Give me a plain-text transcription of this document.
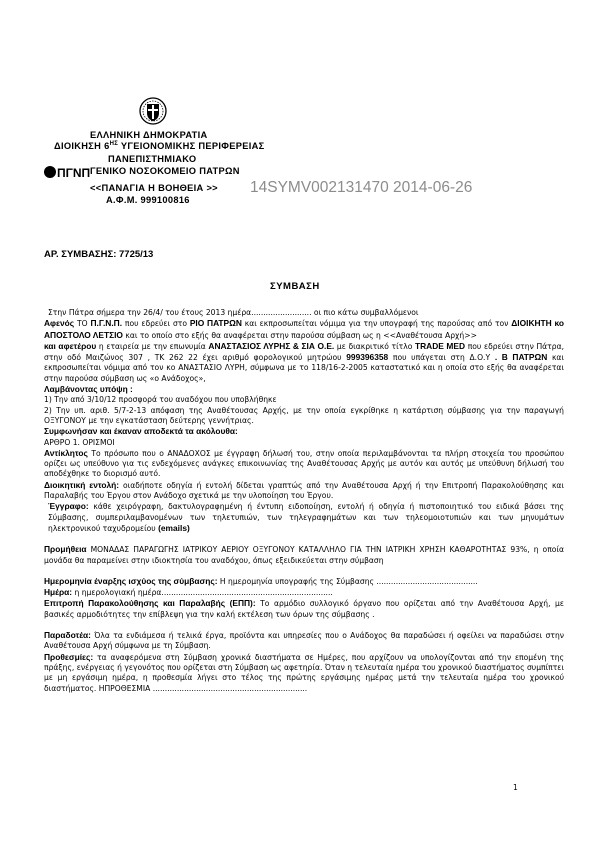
ΕΛΛΗΝΙΚΗ ΔΗΜΟΚΡΑΤΙΑ
ΔΙΟΙΚΗΣΗ $6^{H\Sigma}$ ΥΓΕΙΟΝΟΜΙΚΗΣ ΠΕΡΙΦΕΡΕΙΑΣ
ΠΑΝΕΠΙΣΤΗΜΙΑΚΟ
ΠΓΝΠ ΓΕΝΙΚΟ ΝΟΣΟΚΟΜΕΙΟ ΠΑΤΡΩΝ
<<ΠΑΝΑΓΙΑ Η ΒΟΗΘΕΙΑ >>
Α.Φ.Μ. 999100816
14SYMV002131470 2014-06-26
ΑΡ. ΣΥΜΒΑΣΗΣ: 7725/13
ΣΥΜΒΑΣΗ
Στην Πάτρα σήμερα την 26/4/ του έτους 2013 ημέρα......................... οι πιο κάτω συμβαλλόμενοι
Αφενός ΤΟ Π.Γ.Ν.Π. που εδρεύει στο ΡΙΟ ΠΑΤΡΩΝ και εκπροσωπείται νόμιμα για την υπογραφή της παρούσας από τον ΔΙΟΙΚΗΤΗ κο ΑΠΟΣΤΟΛΟ ΛΕΤΣΙΟ και το οποίο στο εξής θα αναφέρεται στην παρούσα σύμβαση ως η <<Αναθέτουσα Αρχή>>
και αφετέρου η εταιρεία με την επωνυμία ΑΝΑΣΤΑΣΙΟΣ ΛΥΡΗΣ & ΣΙΑ Ο.Ε. με διακριτικό τίτλο TRADE MED που εδρεύει στην Πάτρα, στην οδό Μαιζώνος 307 , ΤΚ 262 22 έχει αριθμό φορολογικού μητρώου 999396358 που υπάγεται στη Δ.Ο.Υ . Β ΠΑΤΡΩΝ και εκπροσωπείται νόμιμα από τον κο ΑΝΑΣΤΑΣΙΟ ΛΥΡΗ, σύμφωνα με το 118/16-2-2005 καταστατικό και η οποία στο εξής θα αναφέρεται στην παρούσα σύμβαση ως «ο Ανάδοχος»,
Λαμβάνοντας υπόψη :
1) Την από 3/10/12 προσφορά του αναδόχου που υποβλήθηκε
2) Την υπ. αριθ. 5/7-2-13 απόφαση της Αναθέτουσας Αρχής, με την οποία εγκρίθηκε η κατάρτιση σύμβασης για την παραγωγή ΟΞΥΓΟΝΟΥ με την εγκατάσταση δεύτερης γεννήτριας.
Συμφωνήσαν και έκαναν αποδεκτά τα ακόλουθα:
ΑΡΘΡΟ 1. ΟΡΙΣΜΟΙ
Αντίκλητος Το πρόσωπο που ο ΑΝΑΔΟΧΟΣ με έγγραφη δήλωσή του, στην οποία περιλαμβάνονται τα πλήρη στοιχεία του προσώπου ορίζει ως υπεύθυνο για τις ενδεχόμενες ανάγκες επικοινωνίας της Αναθέτουσας Αρχής με αυτόν και αυτός με υπεύθυνη δήλωσή του αποδέχθηκε το διορισμό αυτό.
Διοικητική εντολή: οιαδήποτε οδηγία ή εντολή δίδεται γραπτώς από την Αναθέτουσα Αρχή ή την Επιτροπή Παρακολούθησης και Παραλαβής του Έργου στον Ανάδοχο σχετικά με την υλοποίηση του Έργου.
Έγγραφο: κάθε χειρόγραφη, δακτυλογραφημένη ή έντυπη ειδοποίηση, εντολή ή οδηγία ή πιστοποιητικό του ειδικά βάσει της Σύμβασης, συμπεριλαμβανομένων των τηλετυπιών, των τηλεγραφημάτων και των τηλεομοιοτυπιών και των μηνυμάτων ηλεκτρονικού ταχυδρομείου (emails)
Προμήθεια ΜΟΝΑΔΑΣ ΠΑΡΑΓΩΓΗΣ ΙΑΤΡΙΚΟΥ ΑΕΡΙΟΥ ΟΞΥΓΟΝΟΥ ΚΑΤΑΛΛΗΛΟ ΓΙΑ ΤΗΝ ΙΑΤΡΙΚΗ ΧΡΗΣΗ ΚΑΘΑΡΟΤΗΤΑΣ 93%, η οποία μονάδα θα παραμείνει στην ιδιοκτησία του αναδόχου, όπως εξειδικεύεται στην σύμβαση
Ημερομηνία έναρξης ισχύος της σύμβασης: Η ημερομηνία υπογραφής της Σύμβασης ..........................................
Ημέρα: η ημερολογιακή ημέρα.......................................................................
Επιτροπή Παρακολούθησης και Παραλαβής (ΕΠΠ): Το αρμόδιο συλλογικό όργανο που ορίζεται από την Αναθέτουσα Αρχή, με βασικές αρμοδιότητες την επίβλεψη για την καλή εκτέλεση των όρων της σύμβασης .
Παραδοτέα: Όλα τα ενδιάμεσα ή τελικά έργα, προϊόντα και υπηρεσίες που ο Ανάδοχος θα παραδώσει ή οφείλει να παραδώσει στην Αναθέτουσα Αρχή σύμφωνα με τη Σύμβαση.
Προθεσμίες: τα αναφερόμενα στη Σύμβαση χρονικά διαστήματα σε Ημέρες, που αρχίζουν να υπολογίζονται από την επομένη της πράξης, ενέργειας ή γεγονότος που ορίζεται στη Σύμβαση ως αφετηρία. Όταν η τελευταία ημέρα του χρονικού διαστήματος συμπίπτει με μη εργάσιμη ημέρα, η προθεσμία λήγει στο τέλος της πρώτης εργάσιμης ημέρας μετά την τελευταία ημέρα του χρονικού διαστήματος. ΗΠΡΟΘΕΣΜΙΑ ................................................................
1
